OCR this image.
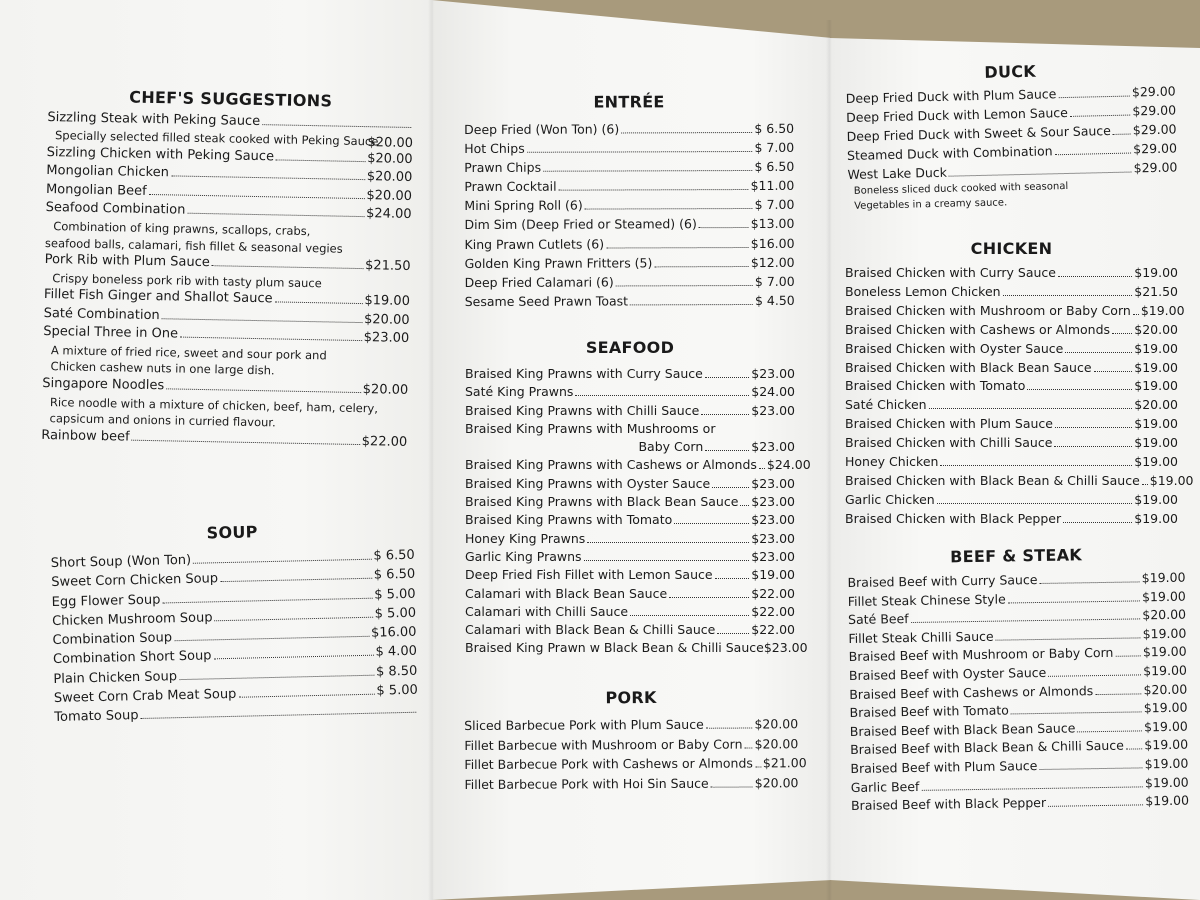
CHEF'S SUGGESTIONS
Sizzling Steak with Peking Sauce
$20.00
Specially selected filled steak cooked with Peking Sauce
Sizzling Chicken with Peking Sauce	$20.00
Mongolian Chicken	$20.00
Mongolian Beef	$20.00
Seafood Combination	$24.00
Combination of king prawns, scallops, crabs,
seafood balls, calamari, fish fillet & seasonal vegies
Pork Rib with Plum Sauce	$21.50
Crispy boneless pork rib with tasty plum sauce
Fillet Fish Ginger and Shallot Sauce	$19.00
Saté Combination	$20.00
Special Three in One	$23.00
A mixture of fried rice, sweet and sour pork and
Chicken cashew nuts in one large dish.
Singapore Noodles	$20.00
Rice noodle with a mixture of chicken, beef, ham, celery,
capsicum and onions in curried flavour.
Rainbow beef	$22.00
SOUP
Short Soup (Won Ton)	$ 6.50
Sweet Corn Chicken Soup	$ 6.50
Egg Flower Soup	$ 5.00
Chicken Mushroom Soup	$ 5.00
Combination Soup	$16.00
Combination Short Soup	$ 4.00
Plain Chicken Soup	$ 8.50
Sweet Corn Crab Meat Soup	$ 5.00
Tomato Soup
ENTRÉE
Deep Fried (Won Ton) (6)	$ 6.50
Hot Chips	$ 7.00
Prawn Chips	$ 6.50
Prawn Cocktail	$11.00
Mini Spring Roll (6)	$ 7.00
Dim Sim (Deep Fried or Steamed) (6)	$13.00
King Prawn Cutlets (6)	$16.00
Golden King Prawn Fritters (5)	$12.00
Deep Fried Calamari (6)	$ 7.00
Sesame Seed Prawn Toast	$ 4.50
SEAFOOD
Braised King Prawns with Curry Sauce	$23.00
Saté King Prawns	$24.00
Braised King Prawns with Chilli Sauce	$23.00
Braised King Prawns with Mushrooms or
Baby Corn	$23.00
Braised King Prawns with Cashews or Almonds $24.00
Braised King Prawns with Oyster Sauce	$23.00
Braised King Prawns with Black Bean Sauce $23.00
Braised King Prawns with Tomato	$23.00
Honey King Prawns	$23.00
Garlic King Prawns	$23.00
Deep Fried Fish Fillet with Lemon Sauce	$19.00
Calamari with Black Bean Sauce	$22.00
Calamari with Chilli Sauce	$22.00
Calamari with Black Bean & Chilli Sauce	$22.00
Braised King Prawn w Black Bean & Chilli Sauce $23.00
PORK
Sliced Barbecue Pork with Plum Sauce	$20.00
Fillet Barbecue with Mushroom or Baby Corn $20.00
Fillet Barbecue Pork with Cashews or Almonds $21.00
Fillet Barbecue Pork with Hoi Sin Sauce	$20.00
DUCK
Deep Fried Duck with Plum Sauce	$29.00
Deep Fried Duck with Lemon Sauce	$29.00
Deep Fried Duck with Sweet & Sour Sauce $29.00
Steamed Duck with Combination	$29.00
West Lake Duck	$29.00
Boneless sliced duck cooked with seasonal
Vegetables in a creamy sauce.
CHICKEN
Braised Chicken with Curry Sauce	$19.00
Boneless Lemon Chicken	$21.50
Braised Chicken with Mushroom or Baby Corn $19.00
Braised Chicken with Cashews or Almonds $20.00
Braised Chicken with Oyster Sauce	$19.00
Braised Chicken with Black Bean Sauce	$19.00
Braised Chicken with Tomato	$19.00
Saté Chicken	$20.00
Braised Chicken with Plum Sauce	$19.00
Braised Chicken with Chilli Sauce	$19.00
Honey Chicken	$19.00
Braised Chicken with Black Bean & Chilli Sauce $19.00
Garlic Chicken	$19.00
Braised Chicken with Black Pepper	$19.00
BEEF & STEAK
Braised Beef with Curry Sauce	$19.00
Fillet Steak Chinese Style	$19.00
Saté Beef	$20.00
Fillet Steak Chilli Sauce	$19.00
Braised Beef with Mushroom or Baby Corn $19.00
Braised Beef with Oyster Sauce	$19.00
Braised Beef with Cashews or Almonds	$20.00
Braised Beef with Tomato	$19.00
Braised Beef with Black Bean Sauce	$19.00
Braised Beef with Black Bean & Chilli Sauce $19.00
Braised Beef with Plum Sauce	$19.00
Garlic Beef	$19.00
Braised Beef with Black Pepper	$19.00
